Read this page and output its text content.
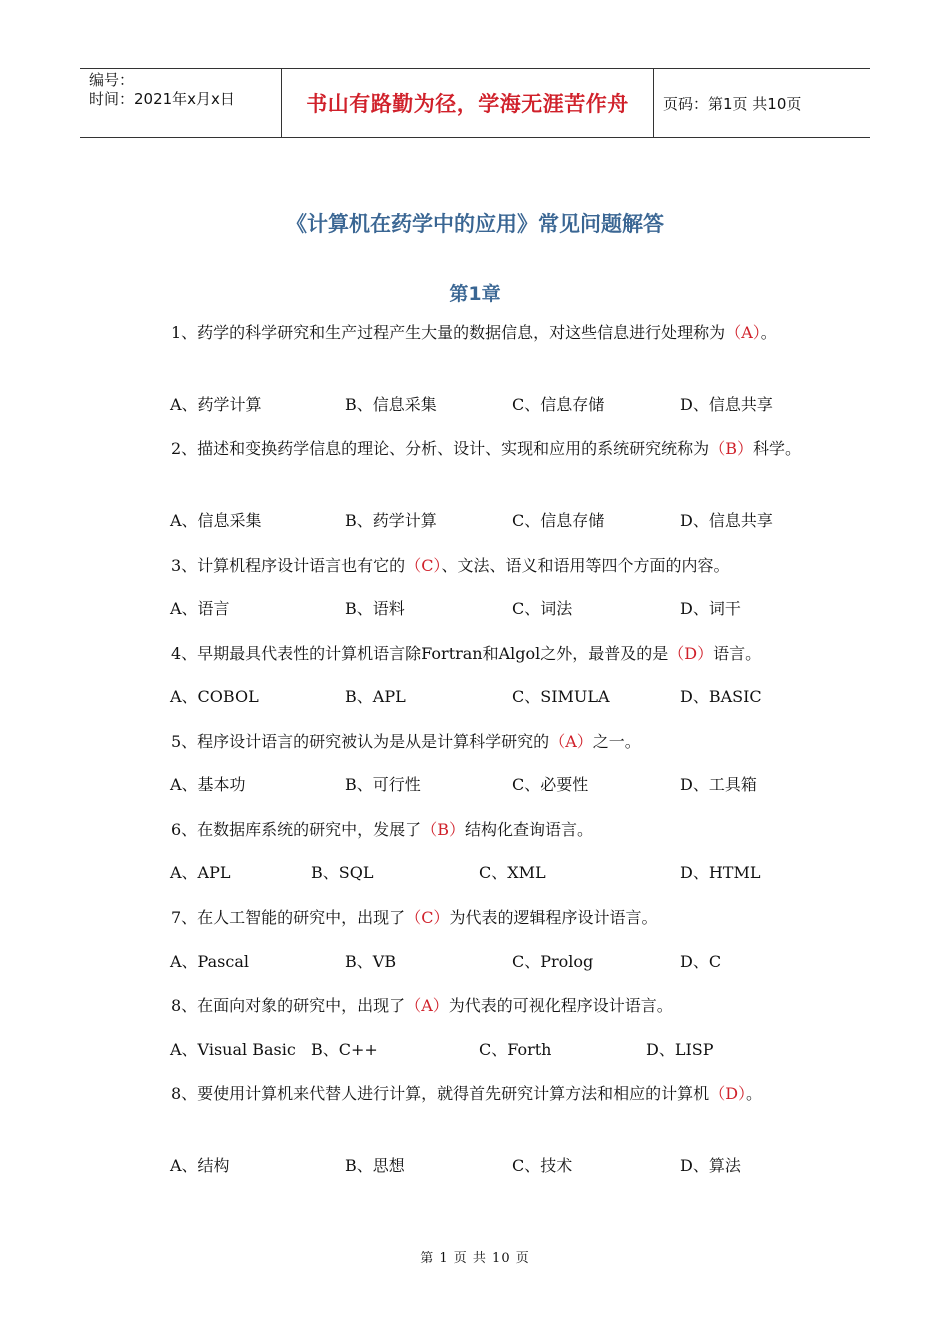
编号：
时间：2021年x月x日	书山有路勤为径，学海无涯苦作舟	页码：第1页 共10页
《计算机在药学中的应用》常见问题解答
第1章
1、药学的科学研究和生产过程产生大量的数据信息，对这些信息进行处理称为（A）。
A、药学计算	B、信息采集	C、信息存储	D、信息共享
2、描述和变换药学信息的理论、分析、设计、实现和应用的系统研究统称为（B）科学。
A、信息采集	B、药学计算	C、信息存储	D、信息共享
3、计算机程序设计语言也有它的（C）、文法、语义和语用等四个方面的内容。
A、语言	B、语料	C、词法	D、词干
4、早期最具代表性的计算机语言除Fortran和Algol之外，最普及的是（D）语言。
A、COBOL	B、APL	C、SIMULA	D、BASIC
5、程序设计语言的研究被认为是从是计算科学研究的（A）之一。
A、基本功	B、可行性	C、必要性	D、工具箱
6、在数据库系统的研究中，发展了（B）结构化查询语言。
A、APL	B、SQL	C、XML	D、HTML
7、在人工智能的研究中，出现了（C）为代表的逻辑程序设计语言。
A、Pascal	B、VB	C、Prolog	D、C
8、在面向对象的研究中，出现了（A）为代表的可视化程序设计语言。
A、Visual Basic B、C++	C、Forth	D、LISP
8、要使用计算机来代替人进行计算，就得首先研究计算方法和相应的计算机（D）。
A、结构	B、思想	C、技术	D、算法
第 1 页 共 10 页
